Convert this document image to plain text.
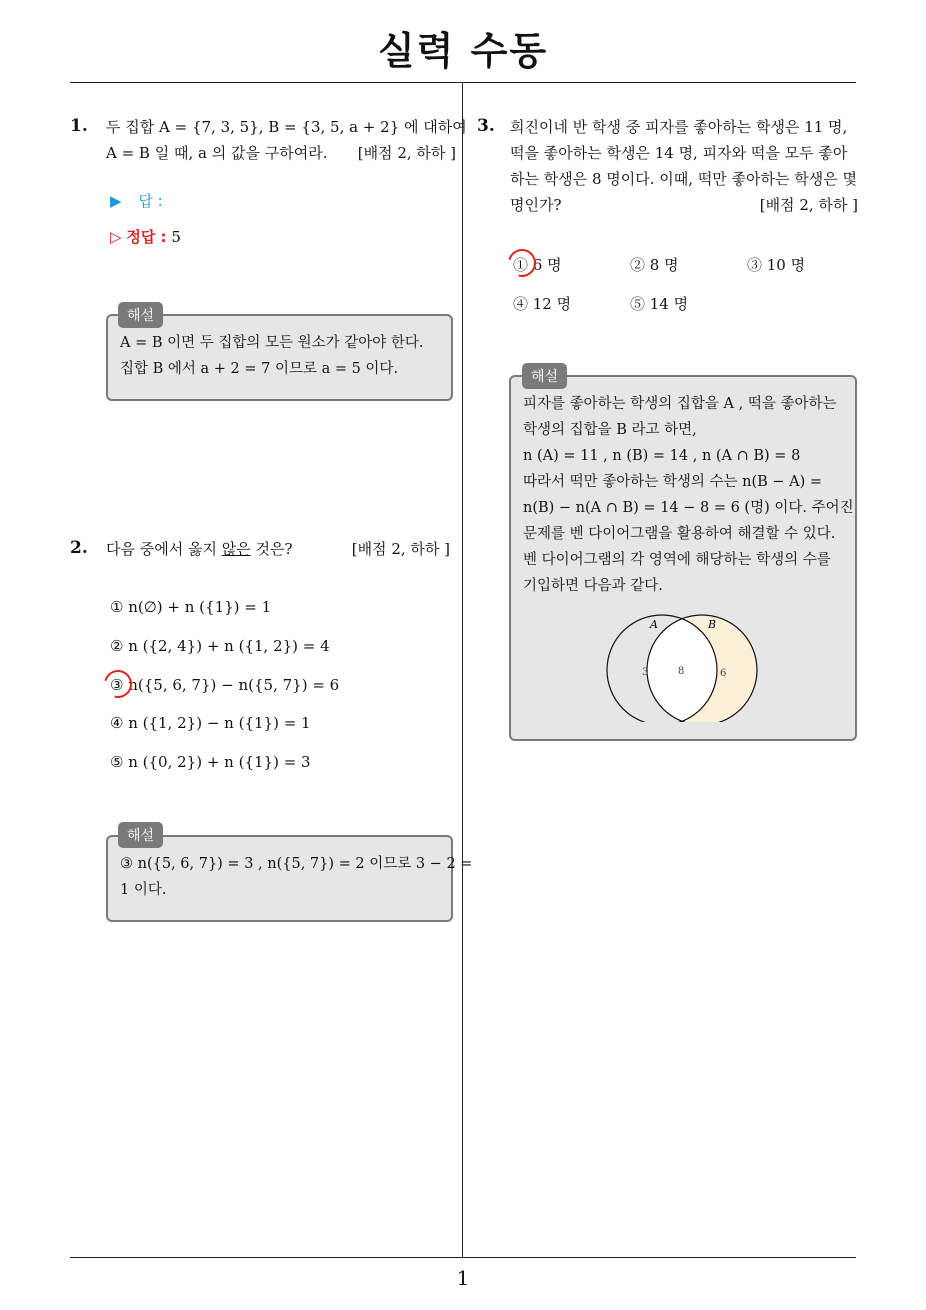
실력 수동
1
1. 두 집합 A = {7, 3, 5}, B = {3, 5, a + 2} 에 대하여
A = B 일 때, a 의 값을 구하여라. [배점 2, 하하 ]
▶ 답 :
▷ 정답 : 5
A = B 이면 두 집합의 모든 원소가 같아야 한다.
집합 B 에서 a + 2 = 7 이므로 a = 5 이다.
해설
2. 다음 중에서 옳지 않은 것은?	[배점 2, 하하 ]
① n(∅) + n ({1}) = 1
② n ({2, 4}) + n ({1, 2}) = 4
③ n({5, 6, 7}) − n({5, 7}) = 6
④ n ({1, 2}) − n ({1}) = 1
⑤ n ({0, 2}) + n ({1}) = 3
③ n({5, 6, 7}) = 3 , n({5, 7}) = 2 이므로 3 − 2 =
1 이다.
해설
3. 희진이네 반 학생 중 피자를 좋아하는 학생은 11 명,
떡을 좋아하는 학생은 14 명, 피자와 떡을 모두 좋아
하는 학생은 8 명이다. 이때, 떡만 좋아하는 학생은 몇
명인가?	[배점 2, 하하 ]
① 6 명	② 8 명	③ 10 명
④ 12 명	⑤ 14 명
피자를 좋아하는 학생의 집합을 A , 떡을 좋아하는
학생의 집합을 B 라고 하면,
n (A) = 11 , n (B) = 14 , n (A ∩ B) = 8
따라서 떡만 좋아하는 학생의 수는 n(B − A) =
n(B) − n(A ∩ B) = 14 − 8 = 6 (명) 이다. 주어진
문제를 벤 다이어그램을 활용하여 해결할 수 있다.
벤 다이어그램의 각 영역에 해당하는 학생의 수를
기입하면 다음과 같다.
해설
A	B
3	8	6
